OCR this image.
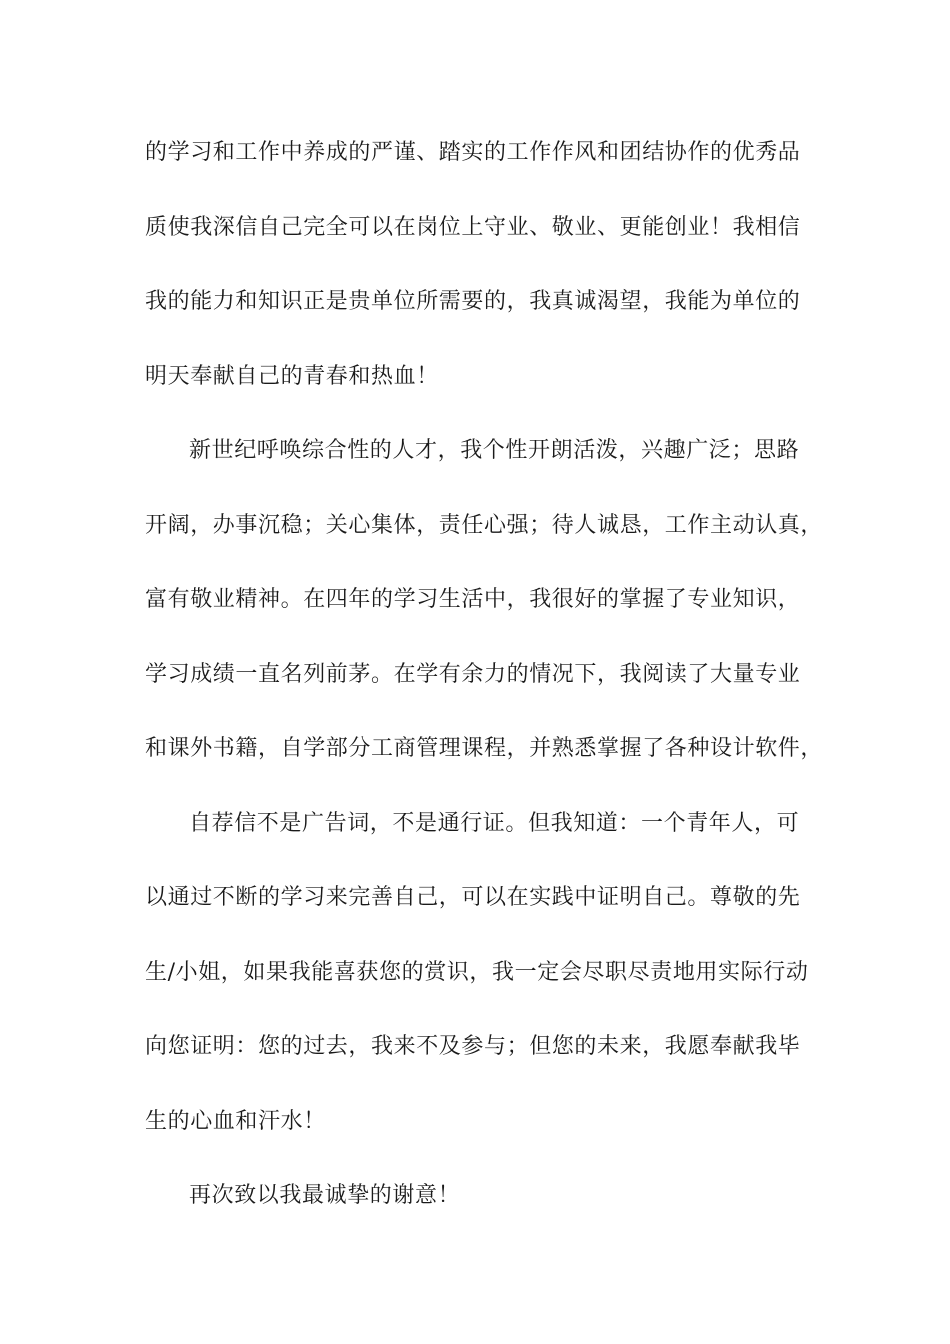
的学习和工作中养成的严谨、踏实的工作作风和团结协作的优秀品
质使我深信自己完全可以在岗位上守业、敬业、更能创业！我相信
我的能力和知识正是贵单位所需要的，我真诚渴望，我能为单位的
明天奉献自己的青春和热血！
新世纪呼唤综合性的人才，我个性开朗活泼，兴趣广泛；思路
开阔，办事沉稳；关心集体，责任心强；待人诚恳，工作主动认真，
富有敬业精神。在四年的学习生活中，我很好的掌握了专业知识，
学习成绩一直名列前茅。在学有余力的情况下，我阅读了大量专业
和课外书籍，自学部分工商管理课程，并熟悉掌握了各种设计软件，
自荐信不是广告词，不是通行证。但我知道：一个青年人，可
以通过不断的学习来完善自己，可以在实践中证明自己。尊敬的先
生/小姐，如果我能喜获您的赏识，我一定会尽职尽责地用实际行动
向您证明：您的过去，我来不及参与；但您的未来，我愿奉献我毕
生的心血和汗水！
再次致以我最诚挚的谢意！
